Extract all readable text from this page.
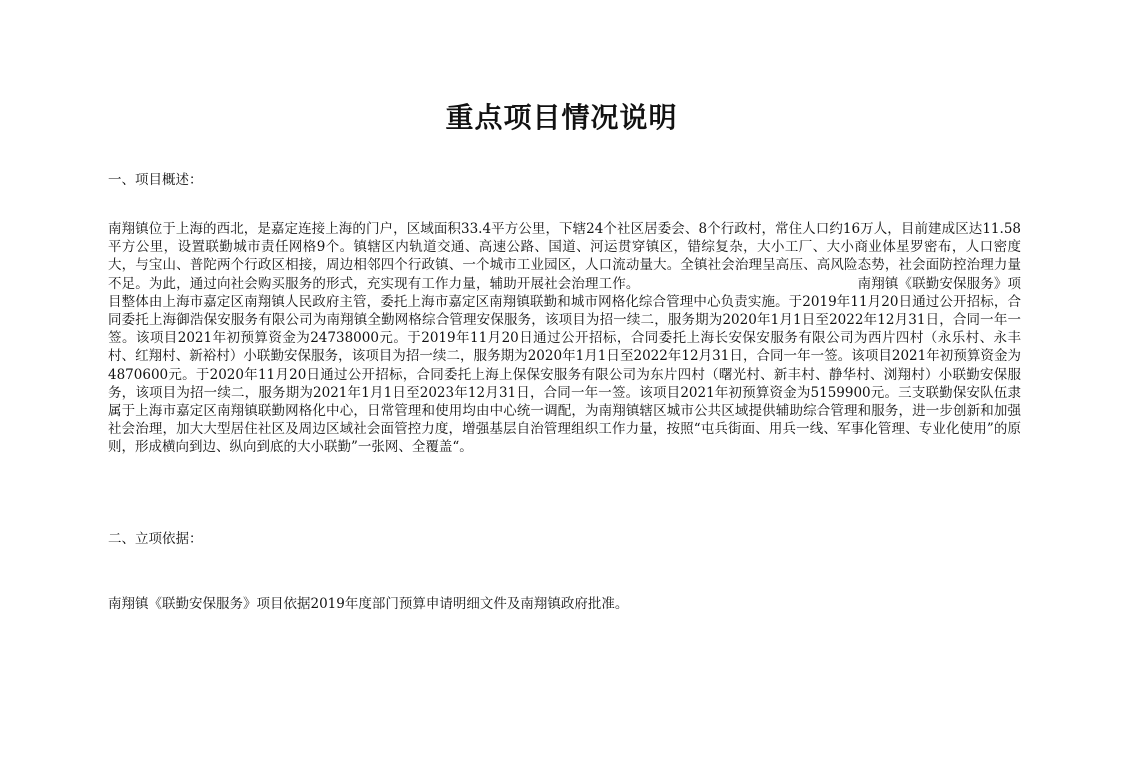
重点项目情况说明

一、项目概述：

南翔镇位于上海的西北，是嘉定连接上海的门户，区域面积33.4平方公里，下辖24个社区居委会、8个行政村，常住人口约16万人，目前建成区达11.58平方公里，设置联勤城市责任网格9个。镇辖区内轨道交通、高速公路、国道、河运贯穿镇区，错综复杂，大小工厂、大小商业体星罗密布，人口密度大，与宝山、普陀两个行政区相接，周边相邻四个行政镇、一个城市工业园区，人口流动量大。全镇社会治理呈高压、高风险态势，社会面防控治理力量不足。为此，通过向社会购买服务的形式，充实现有工作力量，辅助开展社会治理工作。	南翔镇《联勤安保服务》项目整体由上海市嘉定区南翔镇人民政府主管，委托上海市嘉定区南翔镇联勤和城市网格化综合管理中心负责实施。于2019年11月20日通过公开招标，合同委托上海御浩保安服务有限公司为南翔镇全勤网格综合管理安保服务，该项目为招一续二，服务期为2020年1月1日至2022年12月31日，合同一年一签。该项目2021年初预算资金为24738000元。于2019年11月20日通过公开招标，合同委托上海长安保安服务有限公司为西片四村（永乐村、永丰村、红翔村、新裕村）小联勤安保服务，该项目为招一续二，服务期为2020年1月1日至2022年12月31日，合同一年一签。该项目2021年初预算资金为4870600元。于2020年11月20日通过公开招标，合同委托上海上保保安服务有限公司为东片四村（曙光村、新丰村、静华村、浏翔村）小联勤安保服务，该项目为招一续二，服务期为2021年1月1日至2023年12月31日，合同一年一签。该项目2021年初预算资金为5159900元。三支联勤保安队伍隶属于上海市嘉定区南翔镇联勤网格化中心，日常管理和使用均由中心统一调配，为南翔镇辖区城市公共区域提供辅助综合管理和服务，进一步创新和加强社会治理，加大大型居住社区及周边区域社会面管控力度，增强基层自治管理组织工作力量，按照“屯兵街面、用兵一线、军事化管理、专业化使用”的原则，形成横向到边、纵向到底的大小联勤”一张网、全覆盖“。

二、立项依据：

南翔镇《联勤安保服务》项目依据2019年度部门预算申请明细文件及南翔镇政府批准。
